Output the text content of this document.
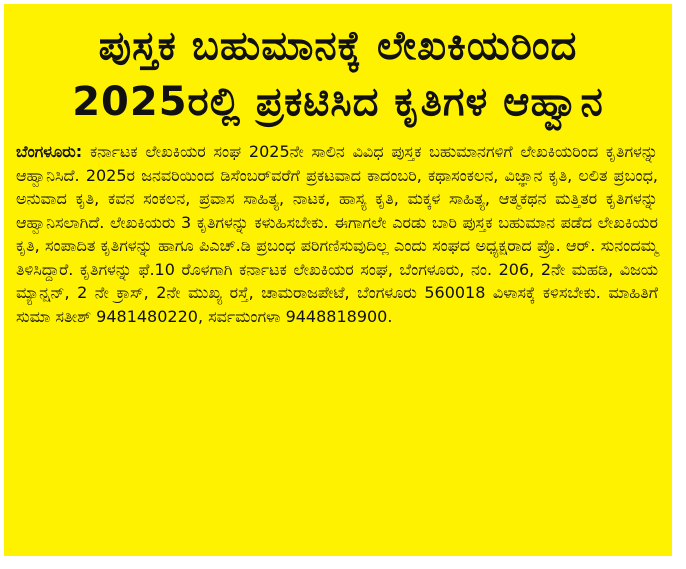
ಪುಸ್ತಕ ಬಹುಮಾನಕ್ಕೆ ಲೇಖಕಿಯರಿಂದ
2025ರಲ್ಲಿ ಪ್ರಕಟಿಸಿದ ಕೃತಿಗಳ ಆಹ್ವಾನ

ಬೆಂಗಳೂರು: ಕರ್ನಾಟಕ ಲೇಖಕಿಯರ ಸಂಘ 2025ನೇ ಸಾಲಿನ ವಿವಿಧ ಪುಸ್ತಕ ಬಹುಮಾನಗಳಿಗೆ ಲೇಖಕಿಯರಿಂದ ಕೃತಿಗಳನ್ನು ಆಹ್ವಾನಿಸಿದೆ. 2025ರ ಜನವರಿಯಿಂದ ಡಿಸೆಂಬರ್‌ವರೆಗೆ ಪ್ರಕಟವಾದ ಕಾದಂಬರಿ, ಕಥಾಸಂಕಲನ, ವಿಜ್ಞಾನ ಕೃತಿ, ಲಲಿತ ಪ್ರಬಂಧ, ಅನುವಾದ ಕೃತಿ, ಕವನ ಸಂಕಲನ, ಪ್ರವಾಸ ಸಾಹಿತ್ಯ, ನಾಟಕ, ಹಾಸ್ಯ ಕೃತಿ, ಮಕ್ಕಳ ಸಾಹಿತ್ಯ, ಆತ್ಮಕಥನ ಮತ್ತಿತರ ಕೃತಿಗಳನ್ನು ಆಹ್ವಾನಿಸಲಾಗಿದೆ. ಲೇಖಕಿಯರು 3 ಕೃತಿಗಳನ್ನು ಕಳುಹಿಸಬೇಕು. ಈಗಾಗಲೇ ಎರಡು ಬಾರಿ ಪುಸ್ತಕ ಬಹುಮಾನ ಪಡೆದ ಲೇಖಕಿಯರ ಕೃತಿ, ಸಂಪಾದಿತ ಕೃತಿಗಳನ್ನು ಹಾಗೂ ಪಿಎಚ್.ಡಿ ಪ್ರಬಂಧ ಪರಿಗಣಿಸುವುದಿಲ್ಲ ಎಂದು ಸಂಘದ ಅಧ್ಯಕ್ಷರಾದ ಪ್ರೊ. ಆರ್. ಸುನಂದಮ್ಮ ತಿಳಿಸಿದ್ದಾರೆ. ಕೃತಿಗಳನ್ನು ಫೆ.10 ರೊಳಗಾಗಿ ಕರ್ನಾಟಕ ಲೇಖಕಿಯರ ಸಂಘ, ಬೆಂಗಳೂರು, ನಂ. 206, 2ನೇ ಮಹಡಿ, ವಿಜಯ ಮ್ಯಾನ್ಷನ್, 2 ನೇ ಕ್ರಾಸ್, 2ನೇ ಮುಖ್ಯ ರಸ್ತೆ, ಚಾಮರಾಜಪೇಟೆ, ಬೆಂಗಳೂರು 560018 ವಿಳಾಸಕ್ಕೆ ಕಳಿಸಬೇಕು. ಮಾಹಿತಿಗೆ ಸುಮಾ ಸತೀಶ್ 9481480220, ಸರ್ವಮಂಗಳಾ 9448818900.
